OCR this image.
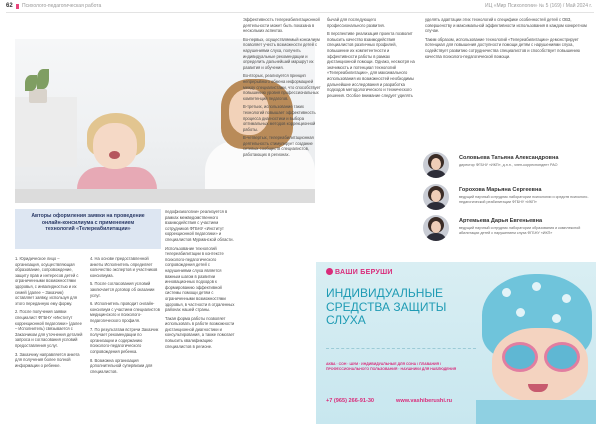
62 Психолого-педагогическая работа	ИЦ «Мир Психологии» № 5 (169) / Май 2024 г.
Авторы оформления заявки на проведение онлайн-консилиума с применением технологий «Телереабилитации»

1. Юридическое лицо – организация, осуществляющая образование, сопровождение, защиту прав и интересов детей с ограниченными возможностями здоровья, с инвалидностью и их семей (далее – Заказчик) оставляет заявку, используя для этого переданную ему форму.

2. После получения заявки специалист ФГБНУ «Институт коррекционной педагогики» (далее – Исполнитель) связывается с Заказчиком для уточнения деталей запроса и согласования условий предоставления услуг.

3. Заказчику направляется анкета для получения более полной информации о ребенке.

4. На основе предоставленной анкеты Исполнитель определяет количество экспертов и участников консилиума.

5. После согласования условий заключается договор об оказании услуг.

6. Исполнитель проводит онлайн-консилиум с участием специалистов медицинского и психолого-педагогического профиля.

7. По результатам встречи Заказчик получает рекомендации по организации и содержанию психолого-педагогического сопровождения ребенка.

8. Возможна организация дополнительной супервизии для специалистов.

педофизиологии» реализуется в рамках межведомственного взаимодействия с участием сотрудников ФГБНУ «Институт коррекционной педагогики» и специалистов Мурманской области.

Использование технологий телереабилитации в контексте психолого-педагогического сопровождения детей с нарушениями слуха является важным шагом в развитии инновационных подходов к формированию эффективной системы помощи детям с ограниченными возможностями здоровья, в частности в отдаленных районах нашей страны.

Такая форма работы позволяет использовать в работе возможности дистанционной диагностики и консультирования, а также помогает повысить квалификацию специалистов в регионе.

Эффективность телереабилитационной деятельности может быть показана в нескольких аспектах.

Во-первых, осуществляемый консилиум позволяет учесть возможности детей с нарушениями слуха, получить индивидуальные рекомендации и определить дальнейший маршрут их развития и обучения.

Во-вторых, реализуется принцип непрерывного обмена информацией между специалистами, что способствует повышению уровня профессиональных компетенций педагогов.

В-третьих, использование таких технологий повышает эффективность процесса диагностики и выбора оптимальных методов коррекционной работы.

В-четвертых, телереабилитационная деятельность стимулирует создание сетевых сообществ специалистов, работающих в регионах.

бычай для последующего профессионального развития.

В перспективе реализация проекта позволит повысить качество взаимодействия специалистов различных профилей, повышение их компетентности и эффективности работы в рамках дистанционной помощи. Однако, несмотря на значимость и потенциал технологий «Телереабилитации», для максимального использования их возможностей необходимы дальнейшие исследования и разработка подходов методологического и технического решения. Особое внимание следует уделять

уделять адаптации этих технологий к специфике особенностей детей с ОВЗ, совершенству и максимальной эффективности использования в каждом конкретном случае.

Таким образом, использование технологий «Телереабилитации» демонстрирует потенциал для повышения доступности помощи детям с нарушениями слуха, содействует развитию сотрудничества специалистов и способствует повышению качества психолого-педагогической помощи.

Соловьева Татьяна Александровна
директор ФГБНУ «ИКП», д.п.н., член-корреспондент РАО
Горохова Марьяна Сергеевна
ведущий научный сотрудник лаборатории психологии и средств психолого-педагогической реабилитации ФГБНУ «ИКП»
Артемьева Дарья Евгеньевна
ведущий научный сотрудник лаборатории образования и комплексной абилитации детей с нарушением слуха ФГБНУ «ИКП»
ВАШИ БЕРУШИ
ИНДИВИДУАЛЬНЫЕ СРЕДСТВА ЗАЩИТЫ СЛУХА
АКВА · СОН · ШУМ · ИНДИВИДУАЛЬНЫЕ ДЛЯ СОНА / ПЛАВАНИЯ / ПРОФЕССИОНАЛЬНОГО ПОЛЬЗОВАНИЯ · НАУШНИКИ ДЛЯ НАБЛЮДЕНИЯ
+7 (965) 266-91-30	www.vashiberushi.ru
